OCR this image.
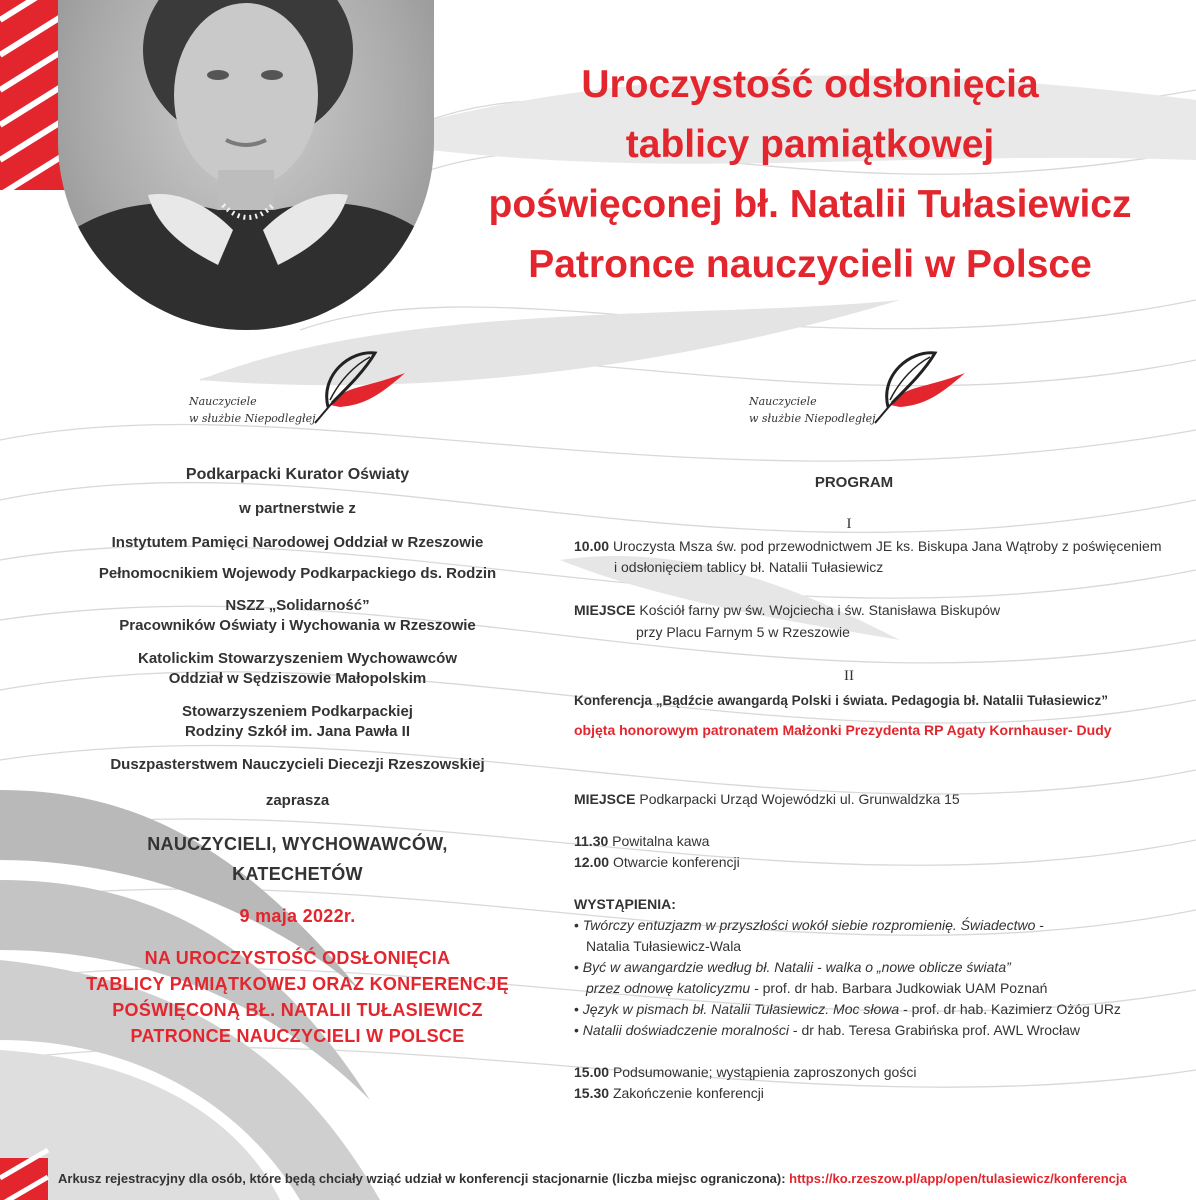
Uroczystość odsłonięcia
tablicy pamiątkowej
poświęconej bł. Natalii Tułasiewicz
Patronce nauczycieli w Polsce
Nauczyciele
w służbie Niepodległej
Nauczyciele
w służbie Niepodległej
Podkarpacki Kurator Oświaty
w partnerstwie z
Instytutem Pamięci Narodowej Oddział w Rzeszowie
Pełnomocnikiem Wojewody Podkarpackiego ds. Rodzin
NSZZ „Solidarność”
Pracowników Oświaty i Wychowania w Rzeszowie
Katolickim Stowarzyszeniem Wychowawców
Oddział w Sędziszowie Małopolskim
Stowarzyszeniem Podkarpackiej
Rodziny Szkół im. Jana Pawła II
Duszpasterstwem Nauczycieli Diecezji Rzeszowskiej
zaprasza
NAUCZYCIELI, WYCHOWAWCÓW,
KATECHETÓW
9 maja 2022r.
NA UROCZYSTOŚĆ ODSŁONIĘCIA
TABLICY PAMIĄTKOWEJ ORAZ KONFERENCJĘ
POŚWIĘCONĄ BŁ. NATALII TUŁASIEWICZ
PATRONCE NAUCZYCIELI W POLSCE
PROGRAM
I
10.00 Uroczysta Msza św. pod przewodnictwem JE ks. Biskupa Jana Wątroby z poświęceniem
i odsłonięciem tablicy bł. Natalii Tułasiewicz
MIEJSCE Kościół farny pw św. Wojciecha i św. Stanisława Biskupów
przy Placu Farnym 5 w Rzeszowie
II
Konferencja „Bądźcie awangardą Polski i świata. Pedagogia bł. Natalii Tułasiewicz”
objęta honorowym patronatem Małżonki Prezydenta RP Agaty Kornhauser- Dudy
MIEJSCE Podkarpacki Urząd Wojewódzki ul. Grunwaldzka 15
11.30 Powitalna kawa
12.00 Otwarcie konferencji
WYSTĄPIENIA:
• Twórczy entuzjazm w przyszłości wokół siebie rozpromienię. Świadectwo -
Natalia Tułasiewicz-Wala
• Być w awangardzie według bł. Natalii - walka o „nowe oblicze świata”
przez odnowę katolicyzmu - prof. dr hab. Barbara Judkowiak UAM Poznań
• Język w pismach bł. Natalii Tułasiewicz. Moc słowa - prof. dr hab. Kazimierz Ożóg URz
• Natalii doświadczenie moralności - dr hab. Teresa Grabińska prof. AWL Wrocław
15.00 Podsumowanie; wystąpienia zaproszonych gości
15.30 Zakończenie konferencji
Arkusz rejestracyjny dla osób, które będą chciały wziąć udział w konferencji stacjonarnie (liczba miejsc ograniczona): https://ko.rzeszow.pl/app/open/tulasiewicz/konferencja
